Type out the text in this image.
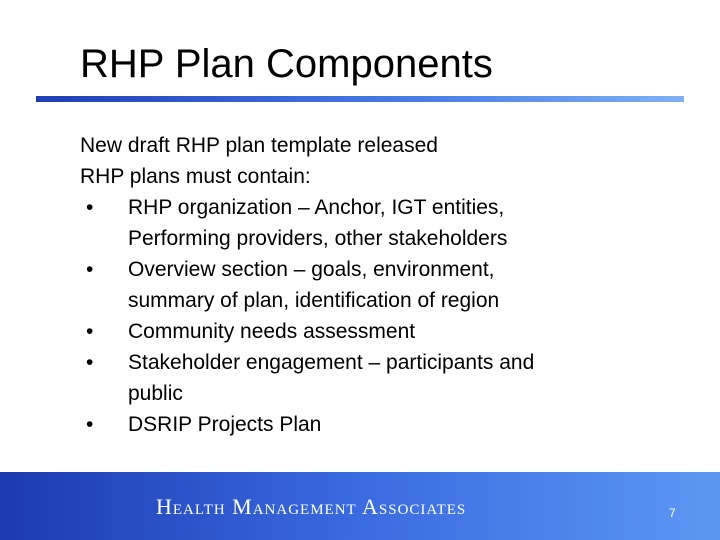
RHP Plan Components
New draft RHP plan template released
RHP plans must contain:
•	RHP organization – Anchor, IGT entities,
Performing providers, other stakeholders
•	Overview section – goals, environment,
summary of plan, identification of region
•	Community needs assessment
•	Stakeholder engagement – participants and
public
•	DSRIP Projects Plan
Health Management Associates	7
